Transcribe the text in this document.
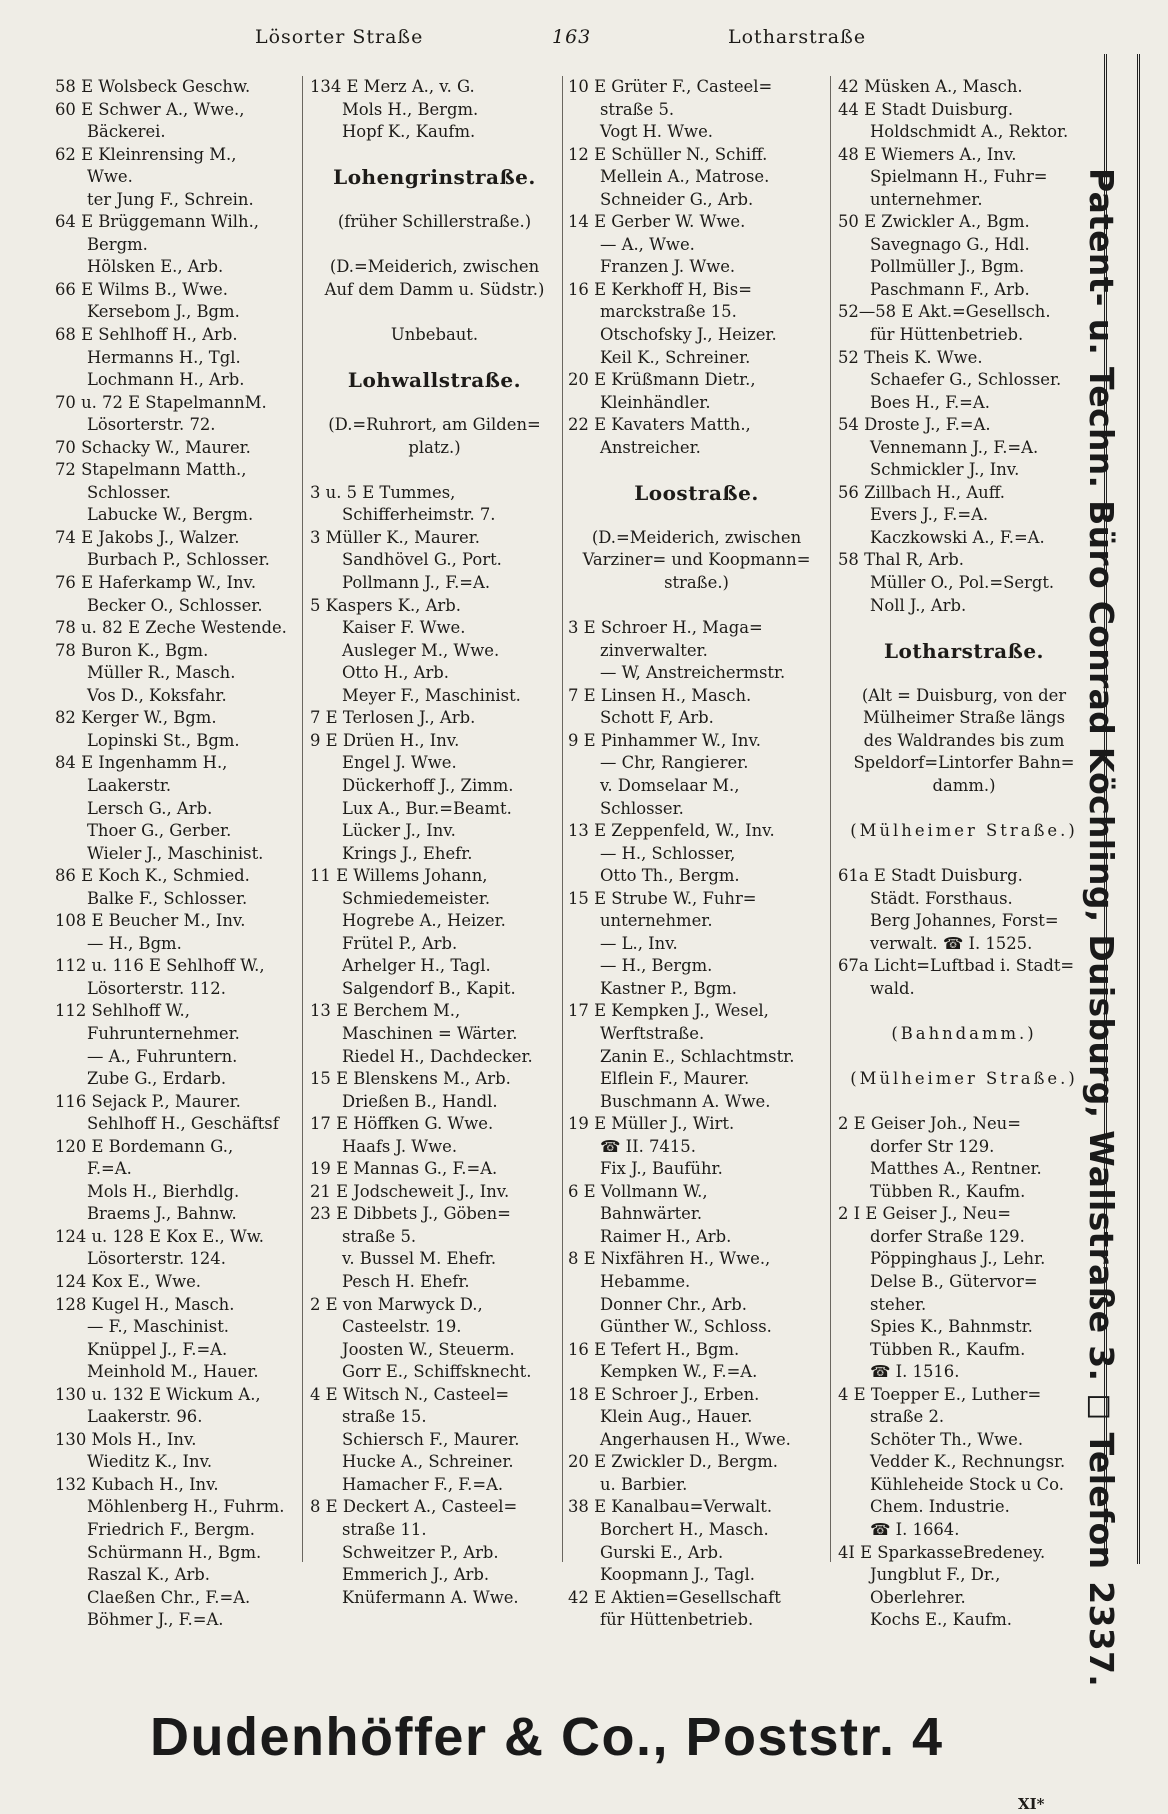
Lösorter Straße	163	Lotharstraße
58 E Wolsbeck Geschw.
60 E Schwer A., Wwe.,
Bäckerei.
62 E Kleinrensing M.,
Wwe.
ter Jung F., Schrein.
64 E Brüggemann Wilh.,
Bergm.
Hölsken E., Arb.
66 E Wilms B., Wwe.
Kersebom J., Bgm.
68 E Sehlhoff H., Arb.
Hermanns H., Tgl.
Lochmann H., Arb.
70 u. 72 E StapelmannM.
Lösorterstr. 72.
70 Schacky W., Maurer.
72 Stapelmann Matth.,
Schlosser.
Labucke W., Bergm.
74 E Jakobs J., Walzer.
Burbach P., Schlosser.
76 E Haferkamp W., Inv.
Becker O., Schlosser.
78 u. 82 E Zeche Westende.
78 Buron K., Bgm.
Müller R., Masch.
Vos D., Koksfahr.
82 Kerger W., Bgm.
Lopinski St., Bgm.
84 E Ingenhamm H.,
Laakerstr.
Lersch G., Arb.
Thoer G., Gerber.
Wieler J., Maschinist.
86 E Koch K., Schmied.
Balke F., Schlosser.
108 E Beucher M., Inv.
— H., Bgm.
112 u. 116 E Sehlhoff W.,
Lösorterstr. 112.
112 Sehlhoff W.,
Fuhrunternehmer.
— A., Fuhruntern.
Zube G., Erdarb.
116 Sejack P., Maurer.
Sehlhoff H., Geschäftsf
120 E Bordemann G.,
F.=A.
Mols H., Bierhdlg.
Braems J., Bahnw.
124 u. 128 E Kox E., Ww.
Lösorterstr. 124.
124 Kox E., Wwe.
128 Kugel H., Masch.
— F., Maschinist.
Knüppel J., F.=A.
Meinhold M., Hauer.
130 u. 132 E Wickum A.,
Laakerstr. 96.
130 Mols H., Inv.
Wieditz K., Inv.
132 Kubach H., Inv.
Möhlenberg H., Fuhrm.
Friedrich F., Bergm.
Schürmann H., Bgm.
Raszal K., Arb.
Claeßen Chr., F.=A.
Böhmer J., F.=A.
134 E Merz A., v. G.
Mols H., Bergm.
Hopf K., Kaufm.
Lohengrinstraße.
(früher Schillerstraße.)
(D.=Meiderich, zwischen
Auf dem Damm u. Südstr.)
Unbebaut.
Lohwallstraße.
(D.=Ruhrort, am Gilden=
platz.)
3 u. 5 E Tummes,
Schifferheimstr. 7.
3 Müller K., Maurer.
Sandhövel G., Port.
Pollmann J., F.=A.
5 Kaspers K., Arb.
Kaiser F. Wwe.
Ausleger M., Wwe.
Otto H., Arb.
Meyer F., Maschinist.
7 E Terlosen J., Arb.
9 E Drüen H., Inv.
Engel J. Wwe.
Dückerhoff J., Zimm.
Lux A., Bur.=Beamt.
Lücker J., Inv.
Krings J., Ehefr.
11 E Willems Johann,
Schmiedemeister.
Hogrebe A., Heizer.
Frütel P., Arb.
Arhelger H., Tagl.
Salgendorf B., Kapit.
13 E Berchem M.,
Maschinen = Wärter.
Riedel H., Dachdecker.
15 E Blenskens M., Arb.
Drießen B., Handl.
17 E Höffken G. Wwe.
Haafs J. Wwe.
19 E Mannas G., F.=A.
21 E Jodscheweit J., Inv.
23 E Dibbets J., Göben=
straße 5.
v. Bussel M. Ehefr.
Pesch H. Ehefr.
2 E von Marwyck D.,
Casteelstr. 19.
Joosten W., Steuerm.
Gorr E., Schiffsknecht.
4 E Witsch N., Casteel=
straße 15.
Schiersch F., Maurer.
Hucke A., Schreiner.
Hamacher F., F.=A.
8 E Deckert A., Casteel=
straße 11.
Schweitzer P., Arb.
Emmerich J., Arb.
Knüfermann A. Wwe.
10 E Grüter F., Casteel=
straße 5.
Vogt H. Wwe.
12 E Schüller N., Schiff.
Mellein A., Matrose.
Schneider G., Arb.
14 E Gerber W. Wwe.
— A., Wwe.
Franzen J. Wwe.
16 E Kerkhoff H, Bis=
marckstraße 15.
Otschofsky J., Heizer.
Keil K., Schreiner.
20 E Krüßmann Dietr.,
Kleinhändler.
22 E Kavaters Matth.,
Anstreicher.
Loostraße.
(D.=Meiderich, zwischen
Varziner= und Koopmann=
straße.)
3 E Schroer H., Maga=
zinverwalter.
— W, Anstreichermstr.
7 E Linsen H., Masch.
Schott F, Arb.
9 E Pinhammer W., Inv.
— Chr, Rangierer.
v. Domselaar M.,
Schlosser.
13 E Zeppenfeld, W., Inv.
— H., Schlosser,
Otto Th., Bergm.
15 E Strube W., Fuhr=
unternehmer.
— L., Inv.
— H., Bergm.
Kastner P., Bgm.
17 E Kempken J., Wesel,
Werftstraße.
Zanin E., Schlachtmstr.
Elflein F., Maurer.
Buschmann A. Wwe.
19 E Müller J., Wirt.
☎ II. 7415.
Fix J., Bauführ.
6 E Vollmann W.,
Bahnwärter.
Raimer H., Arb.
8 E Nixfähren H., Wwe.,
Hebamme.
Donner Chr., Arb.
Günther W., Schloss.
16 E Tefert H., Bgm.
Kempken W., F.=A.
18 E Schroer J., Erben.
Klein Aug., Hauer.
Angerhausen H., Wwe.
20 E Zwickler D., Bergm.
u. Barbier.
38 E Kanalbau=Verwalt.
Borchert H., Masch.
Gurski E., Arb.
Koopmann J., Tagl.
42 E Aktien=Gesellschaft
für Hüttenbetrieb.
42 Müsken A., Masch.
44 E Stadt Duisburg.
Holdschmidt A., Rektor.
48 E Wiemers A., Inv.
Spielmann H., Fuhr=
unternehmer.
50 E Zwickler A., Bgm.
Savegnago G., Hdl.
Pollmüller J., Bgm.
Paschmann F., Arb.
52—58 E Akt.=Gesellsch.
für Hüttenbetrieb.
52 Theis K. Wwe.
Schaefer G., Schlosser.
Boes H., F.=A.
54 Droste J., F.=A.
Vennemann J., F.=A.
Schmickler J., Inv.
56 Zillbach H., Auff.
Evers J., F.=A.
Kaczkowski A., F.=A.
58 Thal R, Arb.
Müller O., Pol.=Sergt.
Noll J., Arb.
Lotharstraße.
(Alt = Duisburg, von der
Mülheimer Straße längs
des Waldrandes bis zum
Speldorf=Lintorfer Bahn=
damm.)
(Mülheimer Straße.)
61a E Stadt Duisburg.
Städt. Forsthaus.
Berg Johannes, Forst=
verwalt. ☎ I. 1525.
67a Licht=Luftbad i. Stadt=
wald.
(Bahndamm.)
(Mülheimer Straße.)
2 E Geiser Joh., Neu=
dorfer Str 129.
Matthes A., Rentner.
Tübben R., Kaufm.
2 I E Geiser J., Neu=
dorfer Straße 129.
Pöppinghaus J., Lehr.
Delse B., Gütervor=
steher.
Spies K., Bahnmstr.
Tübben R., Kaufm.
☎ I. 1516.
4 E Toepper E., Luther=
straße 2.
Schöter Th., Wwe.
Vedder K., Rechnungsr.
Kühleheide Stock u Co.
Chem. Industrie.
☎ I. 1664.
4I E SparkasseBredeney.
Jungblut F., Dr.,
Oberlehrer.
Kochs E., Kaufm.	Patent- u. Techn. Büro Conrad Köchling, Duisburg, Wallstraße 3. ◻ Telefon 2337.
Dudenhöffer & Co., Poststr. 4
XI*
